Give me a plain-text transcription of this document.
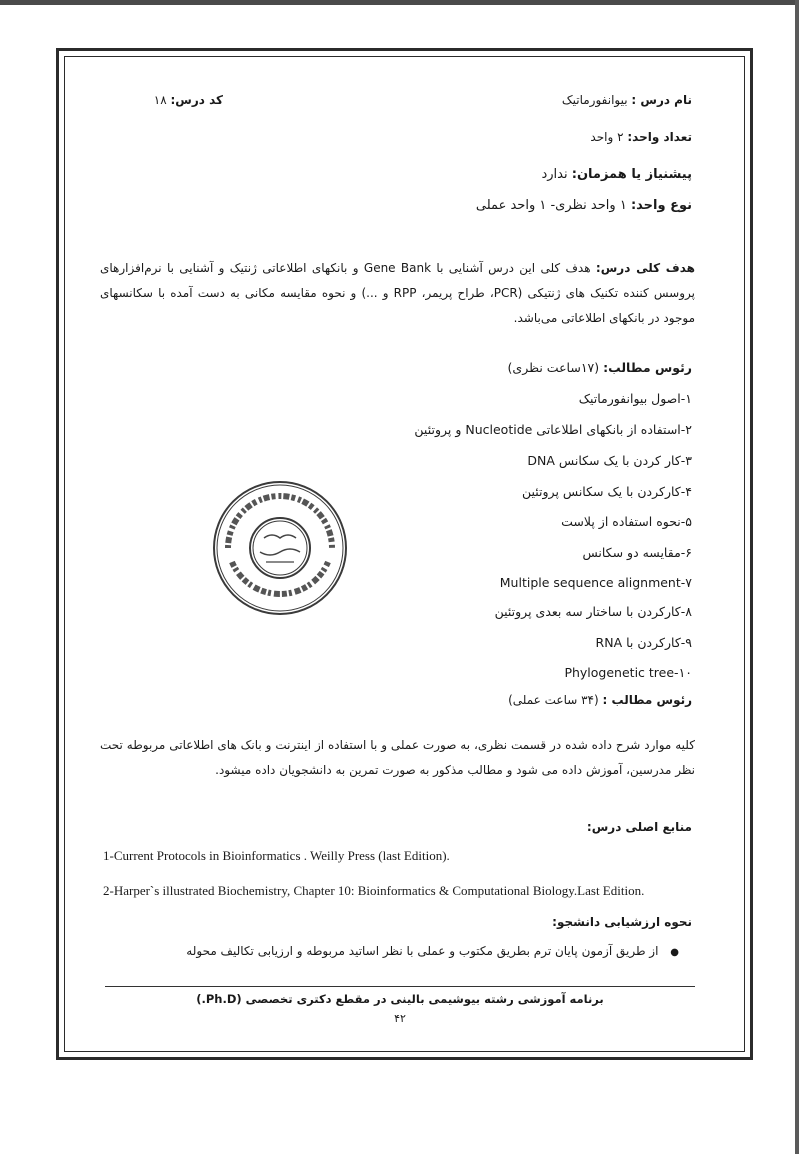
نام درس : بیوانفورماتیک
کد درس: ۱۸
تعداد واحد: ۲ واحد
پیشنیاز یا همزمان: ندارد
نوع واحد: ۱ واحد نظری- ۱ واحد عملی
هدف کلی درس: هدف کلی این درس آشنایی با Gene Bank و بانکهای اطلاعاتی ژنتیک و آشنایی با نرم‌افزارهای پروسس کننده تکنیک های ژنتیکی (PCR، طراح پریمر، RPP و ...) و نحوه مقایسه مکانی به دست آمده با سکانسهای موجود در بانکهای اطلاعاتی می‌باشد.
رئوس مطالب: (۱۷ساعت نظری)
۱-اصول بیوانفورماتیک
۲-استفاده از بانکهای اطلاعاتی Nucleotide و پروتئین
۳-کار کردن با یک سکانس DNA
۴-کارکردن با یک سکانس پروتئین
۵-نحوه استفاده از پلاست
۶-مقایسه دو سکانس
۷-Multiple sequence alignment
۸-کارکردن با ساختار سه بعدی پروتئین
۹-کارکردن با RNA
۱۰-Phylogenetic tree
رئوس مطالب : (۳۴ ساعت عملی)
کلیه موارد شرح داده شده در قسمت نظری، به صورت عملی و با استفاده از اینترنت و بانک های اطلاعاتی مربوطه تحت نظر مدرسین، آموزش داده می شود و مطالب مذکور به صورت تمرین به دانشجویان داده میشود.
منابع اصلی درس:
1-Current Protocols in Bioinformatics . Weilly Press (last Edition).
2-Harper`s illustrated Biochemistry, Chapter 10: Bioinformatics & Computational Biology.Last Edition.
نحوه ارزشیابی دانشجو:
● از طریق آزمون پایان ترم بطریق مکتوب و عملی با نظر اساتید مربوطه و ارزیابی تکالیف محوله
برنامه آموزشی رشته بیوشیمی بالینی در مقطع دکتری تخصصی (Ph.D.)
۴۲
